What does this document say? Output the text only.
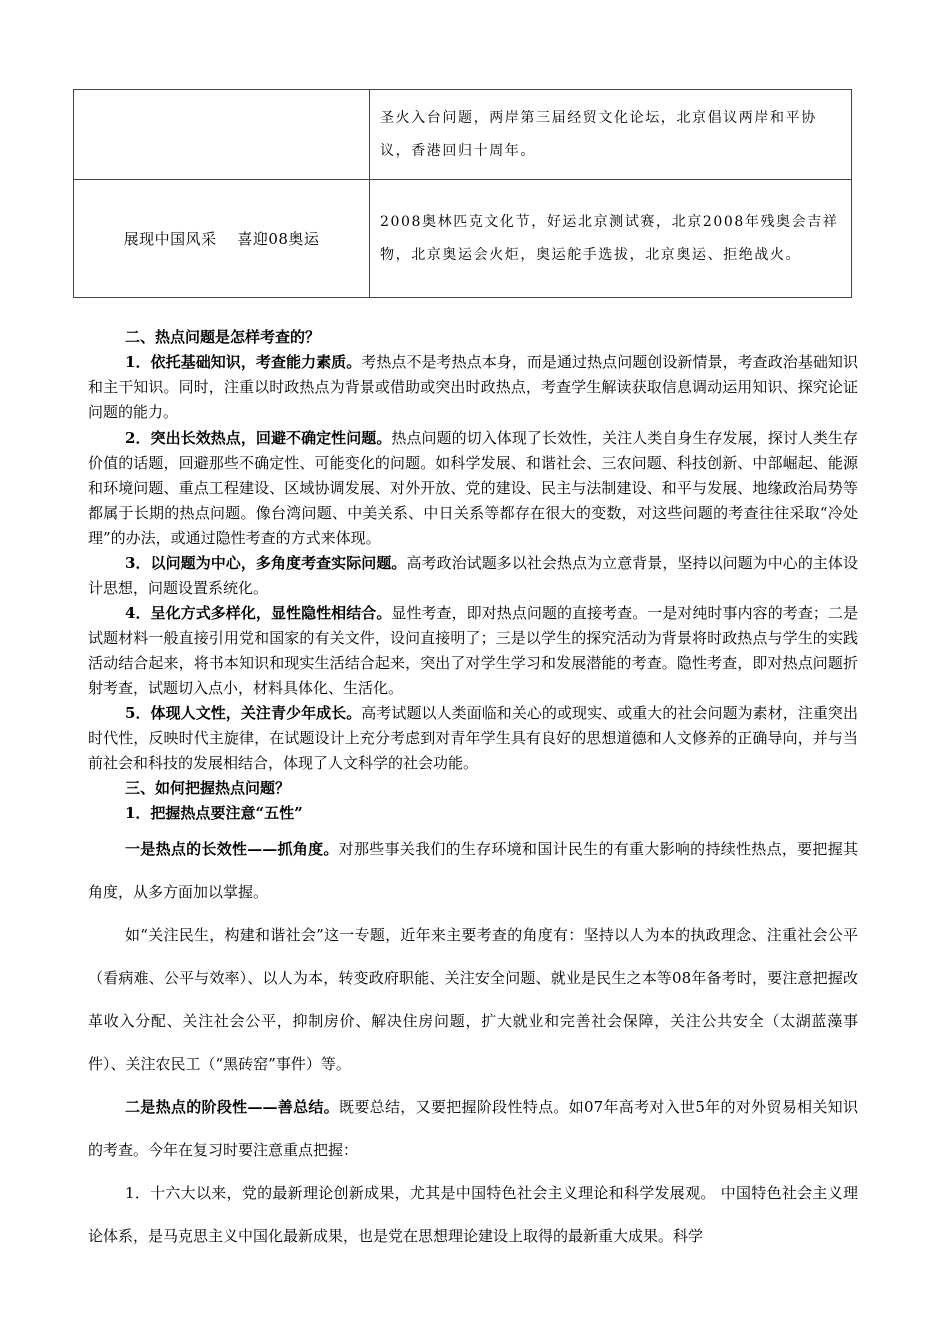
	圣火入台问题，两岸第三届经贸文化论坛，北京倡议两岸和平协议，香港回归十周年。
展现中国风采　 喜迎08奥运	2008奥林匹克文化节，好运北京测试赛，北京2008年残奥会吉祥物，北京奥运会火炬，奥运舵手选拔，北京奥运、拒绝战火。
二、热点问题是怎样考查的？
1．依托基础知识，考查能力素质。考热点不是考热点本身，而是通过热点问题创设新情景，考查政治基础知识和主干知识。同时，注重以时政热点为背景或借助或突出时政热点，考查学生解读获取信息调动运用知识、探究论证问题的能力。
2．突出长效热点，回避不确定性问题。热点问题的切入体现了长效性，关注人类自身生存发展，探讨人类生存价值的话题，回避那些不确定性、可能变化的问题。如科学发展、和谐社会、三农问题、科技创新、中部崛起、能源和环境问题、重点工程建设、区域协调发展、对外开放、党的建设、民主与法制建设、和平与发展、地缘政治局势等都属于长期的热点问题。像台湾问题、中美关系、中日关系等都存在很大的变数，对这些问题的考查往往采取“冷处理”的办法，或通过隐性考查的方式来体现。
3．以问题为中心，多角度考查实际问题。高考政治试题多以社会热点为立意背景，坚持以问题为中心的主体设计思想，问题设置系统化。
4．呈化方式多样化，显性隐性相结合。显性考查，即对热点问题的直接考查。一是对纯时事内容的考查；二是试题材料一般直接引用党和国家的有关文件，设问直接明了；三是以学生的探究活动为背景将时政热点与学生的实践活动结合起来，将书本知识和现实生活结合起来，突出了对学生学习和发展潜能的考查。隐性考查，即对热点问题折射考查，试题切入点小，材料具体化、生活化。
5．体现人文性，关注青少年成长。高考试题以人类面临和关心的或现实、或重大的社会问题为素材，注重突出时代性，反映时代主旋律，在试题设计上充分考虑到对青年学生具有良好的思想道德和人文修养的正确导向，并与当前社会和科技的发展相结合，体现了人文科学的社会功能。
三、如何把握热点问题？
1．把握热点要注意“五性”
一是热点的长效性——抓角度。对那些事关我们的生存环境和国计民生的有重大影响的持续性热点，要把握其角度，从多方面加以掌握。
如“关注民生，构建和谐社会”这一专题，近年来主要考查的角度有：坚持以人为本的执政理念、注重社会公平（看病难、公平与效率）、以人为本，转变政府职能、关注安全问题、就业是民生之本等08年备考时，要注意把握改革收入分配、关注社会公平，抑制房价、解决住房问题，扩大就业和完善社会保障，关注公共安全（太湖蓝藻事件）、关注农民工（“黑砖窑”事件）等。
二是热点的阶段性——善总结。既要总结，又要把握阶段性特点。如07年高考对入世5年的对外贸易相关知识的考查。今年在复习时要注意重点把握：
1．十六大以来，党的最新理论创新成果，尤其是中国特色社会主义理论和科学发展观。 中国特色社会主义理论体系，是马克思主义中国化最新成果，也是党在思想理论建设上取得的最新重大成果。科学
